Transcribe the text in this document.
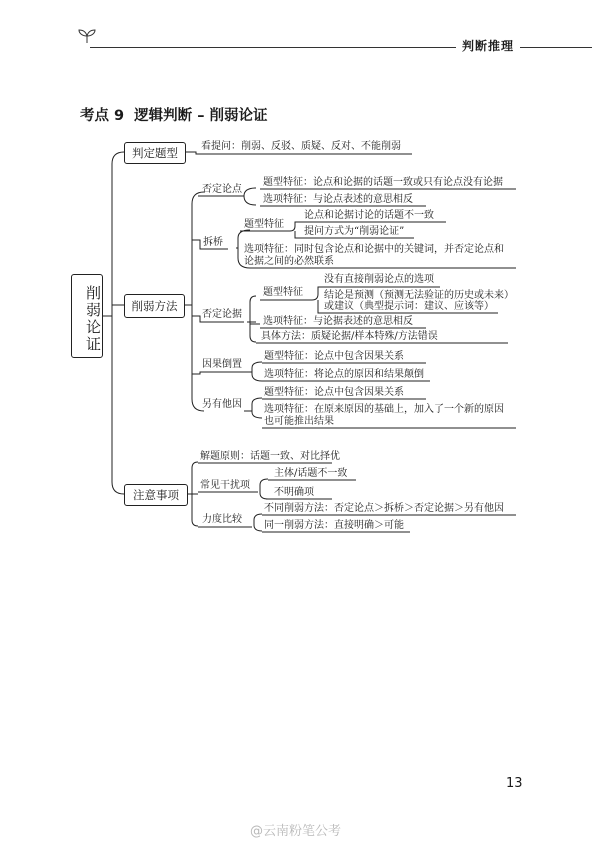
判断推理
考点 9 逻辑判断 – 削弱论证
削弱论证
判定题型
削弱方法
注意事项
看提问：削弱、反驳、质疑、反对、不能削弱
否定论点
题型特征：论点和论据的话题一致或只有论点没有论据
选项特征：与论点表述的意思相反
拆桥
题型特征
论点和论据讨论的话题不一致
提问方式为“削弱论证”
选项特征：同时包含论点和论据中的关键词，并否定论点和
论据之间的必然联系
否定论据
题型特征
没有直接削弱论点的选项
结论是预测（预测无法验证的历史或未来）
或建议（典型提示词：建议、应该等）
选项特征：与论据表述的意思相反
具体方法：质疑论据/样本特殊/方法错误
因果倒置
题型特征：论点中包含因果关系
选项特征：将论点的原因和结果颠倒
另有他因
题型特征：论点中包含因果关系
选项特征：在原来原因的基础上，加入了一个新的原因
也可能推出结果
解题原则：话题一致、对比择优
常见干扰项
主体/话题不一致
不明确项
力度比较
不同削弱方法：否定论点＞拆桥＞否定论据＞另有他因
同一削弱方法：直接明确＞可能
13
@云南粉笔公考
